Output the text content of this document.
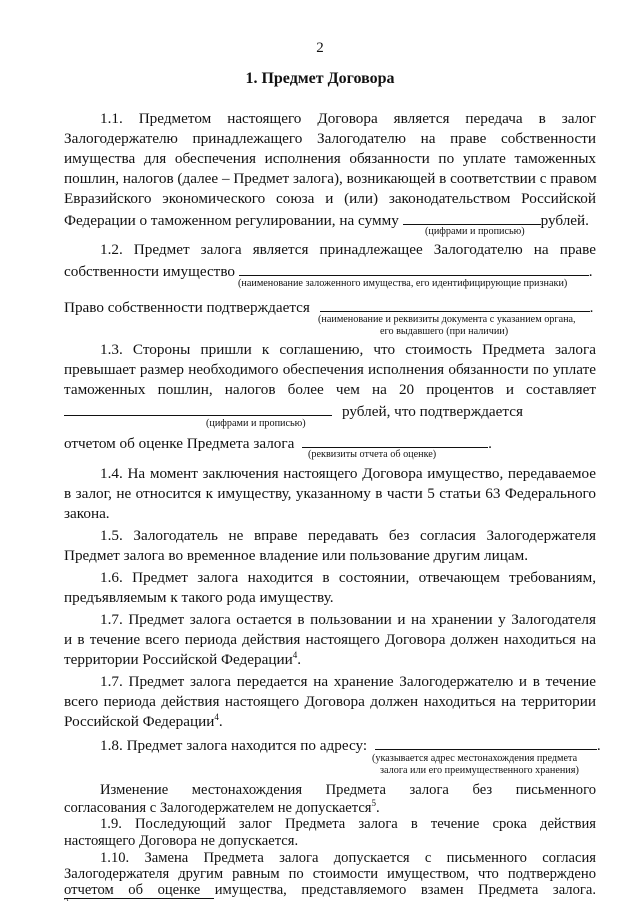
2
1. Предмет Договора
1.1. Предметом настоящего Договора является передача в залог
Залогодержателю принадлежащего Залогодателю на праве собственности
имущества для обеспечения исполнения обязанности по уплате таможенных
пошлин, налогов (далее – Предмет залога), возникающей в соответствии с правом
Евразийского экономического союза и (или) законодательством Российской
Федерации о таможенном регулировании, на сумму	рублей.
(цифрами и прописью)
1.2. Предмет залога является принадлежащее Залогодателю на праве
собственности имущество	.
(наименование заложенного имущества, его идентифицирующие признаки)
Право собственности подтверждается	.
(наименование и реквизиты документа с указанием органа,
его выдавшего (при наличии)
1.3. Стороны пришли к соглашению, что стоимость Предмета залога
превышает размер необходимого обеспечения исполнения обязанности по уплате
таможенных пошлин, налогов более чем на 20 процентов и составляет
рублей, что подтверждается
(цифрами и прописью)
отчетом об оценке Предмета залога	.
(реквизиты отчета об оценке)
1.4. На момент заключения настоящего Договора имущество, передаваемое
в залог, не относится к имуществу, указанному в части 5 статьи 63 Федерального
закона.
1.5. Залогодатель не вправе передавать без согласия Залогодержателя
Предмет залога во временное владение или пользование другим лицам.
1.6. Предмет залога находится в состоянии, отвечающем требованиям,
предъявляемым к такого рода имуществу.
1.7. Предмет залога остается в пользовании и на хранении у Залогодателя
и в течение всего периода действия настоящего Договора должен находиться на
территории Российской Федерации$^4$.
1.7. Предмет залога передается на хранение Залогодержателю и в течение
всего периода действия настоящего Договора должен находиться на территории
Российской Федерации$^4$.
1.8. Предмет залога находится по адресу:	.
(указывается адрес местонахождения предмета
залога или его преимущественного хранения)
Изменение местонахождения Предмета залога без письменного
согласования с Залогодержателем не допускается$^5$.
1.9. Последующий залог Предмета залога в течение срока действия
настоящего Договора не допускается.
1.10. Замена Предмета залога допускается с письменного согласия
Залогодержателя другим равным по стоимости имуществом, что подтверждено
отчетом об оценке имущества, представляемого взамен Предмета залога.
